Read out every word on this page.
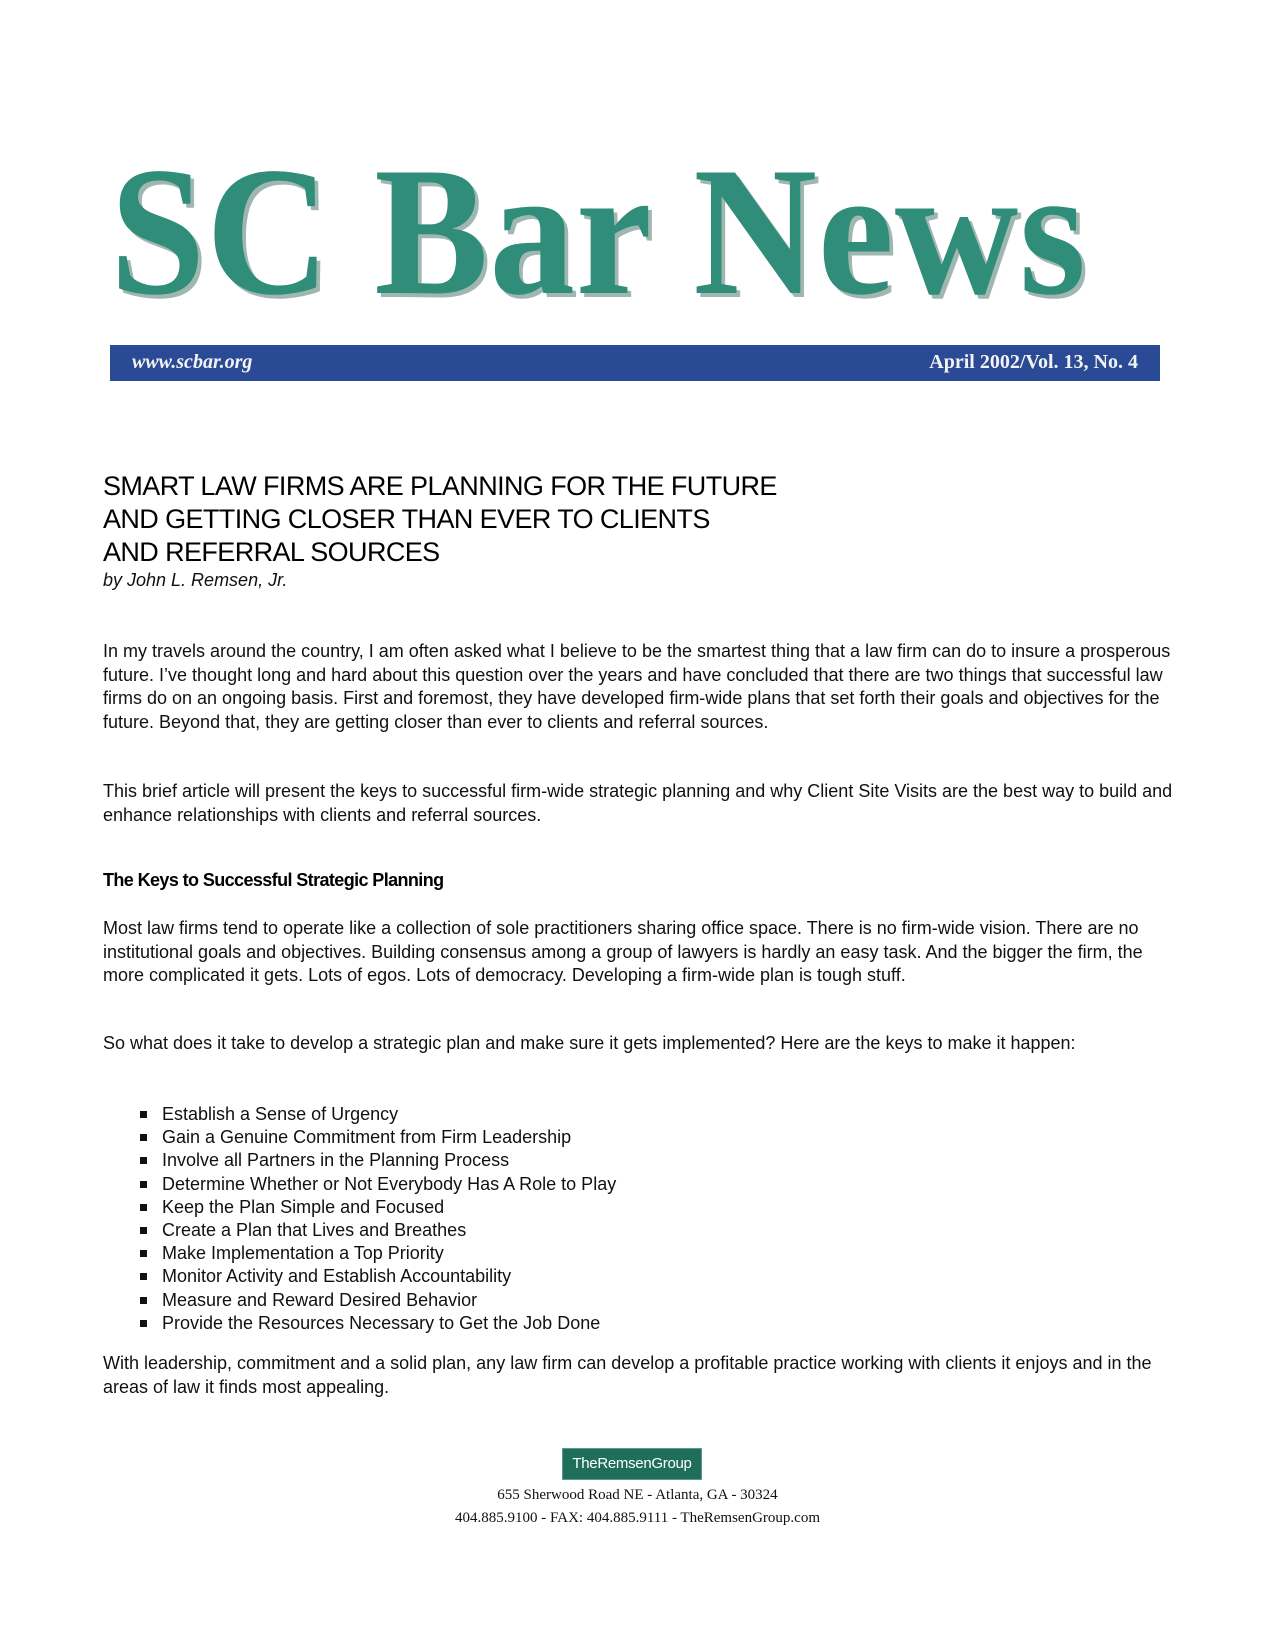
SC Bar News
www.scbar.org	April 2002/Vol. 13, No. 4
SMART LAW FIRMS ARE PLANNING FOR THE FUTURE
AND GETTING CLOSER THAN EVER TO CLIENTS
AND REFERRAL SOURCES
by John L. Remsen, Jr.

In my travels around the country, I am often asked what I believe to be the smartest thing that a law firm can do to insure a prosperous future. I’ve thought long and hard about this question over the years and have concluded that there are two things that successful law firms do on an ongoing basis. First and foremost, they have developed firm-wide plans that set forth their goals and objectives for the future. Beyond that, they are getting closer than ever to clients and referral sources.

This brief article will present the keys to successful firm-wide strategic planning and why Client Site Visits are the best way to build and enhance relationships with clients and referral sources.

The Keys to Successful Strategic Planning

Most law firms tend to operate like a collection of sole practitioners sharing office space. There is no firm-wide vision. There are no institutional goals and objectives. Building consensus among a group of lawyers is hardly an easy task. And the bigger the firm, the more complicated it gets. Lots of egos. Lots of democracy. Developing a firm-wide plan is tough stuff.

So what does it take to develop a strategic plan and make sure it gets implemented? Here are the keys to make it happen:

Establish a Sense of Urgency
Gain a Genuine Commitment from Firm Leadership
Involve all Partners in the Planning Process
Determine Whether or Not Everybody Has A Role to Play
Keep the Plan Simple and Focused
Create a Plan that Lives and Breathes
Make Implementation a Top Priority
Monitor Activity and Establish Accountability
Measure and Reward Desired Behavior
Provide the Resources Necessary to Get the Job Done

With leadership, commitment and a solid plan, any law firm can develop a profitable practice working with clients it enjoys and in the areas of law it finds most appealing.

TheRemsenGroup
655 Sherwood Road NE - Atlanta, GA - 30324
404.885.9100 - FAX: 404.885.9111 - TheRemsenGroup.com
